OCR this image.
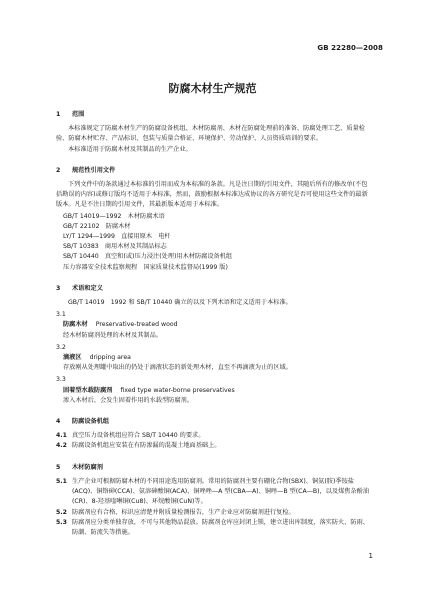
GB 22280—2008
防腐木材生产规范
1 范围

本标准规定了防腐木材生产的防腐设备机组、木材防腐剂、木材在防腐处理前的准备、防腐处理工艺、质量检验、防腐木材贮存、产品标识、包装与质量合格证、环境保护、劳动保护、人员资质培训的要求。

本标准适用于防腐木材及其制品的生产企业。

2 规范性引用文件

下列文件中的条款通过本标准的引用而成为本标准的条款。凡是注日期的引用文件，其随后所有的修改单(不包括勘误的内容)或修订版均不适用于本标准，然而，鼓励根据本标准达成协议的各方研究是否可使用这些文件的最新版本。凡是不注日期的引用文件，其最新版本适用于本标准。

GB/T 14019—1992　木材防腐术语
GB/T 22102　防腐木材
LY/T 1294—1999　直接用原木　电杆
SB/T 10383　商用木材及其制品标志
SB/T 10440　真空和(或)压力浸注(处理)用木材防腐设备机组
压力容器安全技术监察规程　国家质量技术监督局(1999 版)
3 术语和定义

GB/T 14019　1992 和 SB/T 10440 确立的以及下列术语和定义适用于本标准。

3.1
防腐木材 Preservative-treated wood
经木材防腐剂处理的木材及其制品。
3.2
滴液区 dripping area
存放刚从处理罐中取出的仍处于滴液状态的新处理木材，直至不再滴液为止的区域。
3.3
固着型水载防腐剂 fixed type water-borne preservatives
渗入木材后，会发生固着作用的水载型防腐剂。
4 防腐设备机组
4.1 真空压力设备机组应符合 SB/T 10440 的要求。
4.2 防腐设备机组应安装在有防渗漏的混凝土地面基础上。
5 木材防腐剂
5.1 生产企业可根据防腐木材的不同用途选用防腐剂。常用的防腐剂主要有硼化合物(SBX)、铜氨(胺)季铵盐(ACQ)、铜铬砷(CCA)、氨溶砷酸铜(ACA)、铜唑唑—A 型(CBA—A)、铜唑—B 型(CA—B)，以及煤焦杂酚油(CR)、8-羟基喹啉铜(Cu8)、环烷酸铜(CuN)等。
5.2 防腐剂应有合格、标识应清楚并附质量检测报告，生产企业应对防腐剂进行复检。
5.3 防腐剂应分类单独存放，不可与其他物品混放。防腐剂仓库应封闭上锁，建立进出库制度，落实防火、防雨、防潮、防流失等措施。
1
